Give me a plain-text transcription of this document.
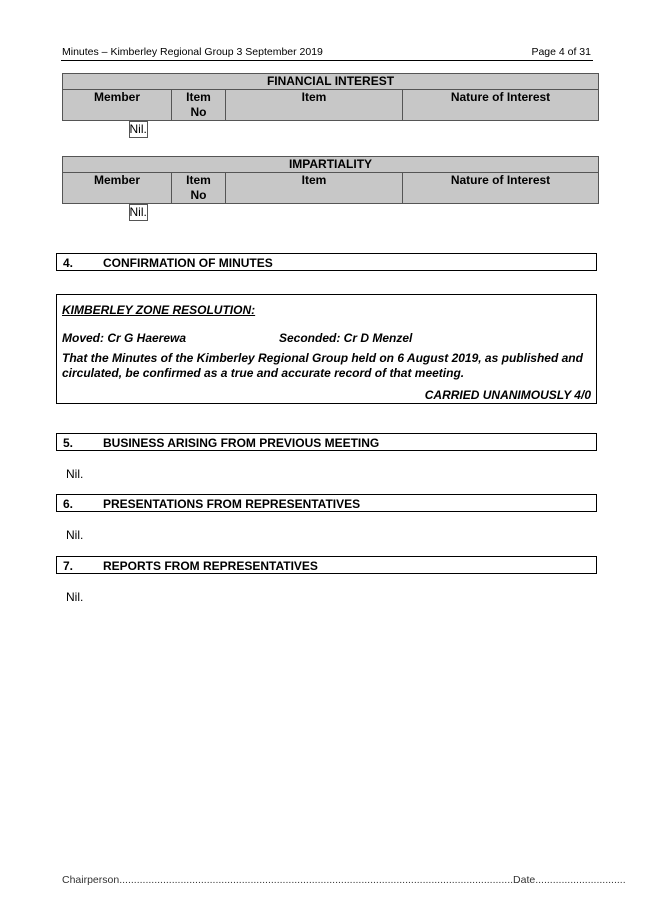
Minutes – Kimberley Regional Group 3 September 2019	Page 4 of 31
FINANCIAL INTEREST
Member	Item No	Item	Nature of Interest

Nil.
IMPARTIALITY
Member	Item No	Item	Nature of Interest

Nil.
4. CONFIRMATION OF MINUTES
KIMBERLEY ZONE RESOLUTION:
Moved: Cr G Haerewa	Seconded: Cr D Menzel
That the Minutes of the Kimberley Regional Group held on 6 August 2019, as published and circulated, be confirmed as a true and accurate record of that meeting.
CARRIED UNANIMOUSLY 4/0
5. BUSINESS ARISING FROM PREVIOUS MEETING
Nil.
6. PRESENTATIONS FROM REPRESENTATIVES
Nil.
7. REPORTS FROM REPRESENTATIVES
Nil.
Chairperson.......................................................................................................................................Date...............................
